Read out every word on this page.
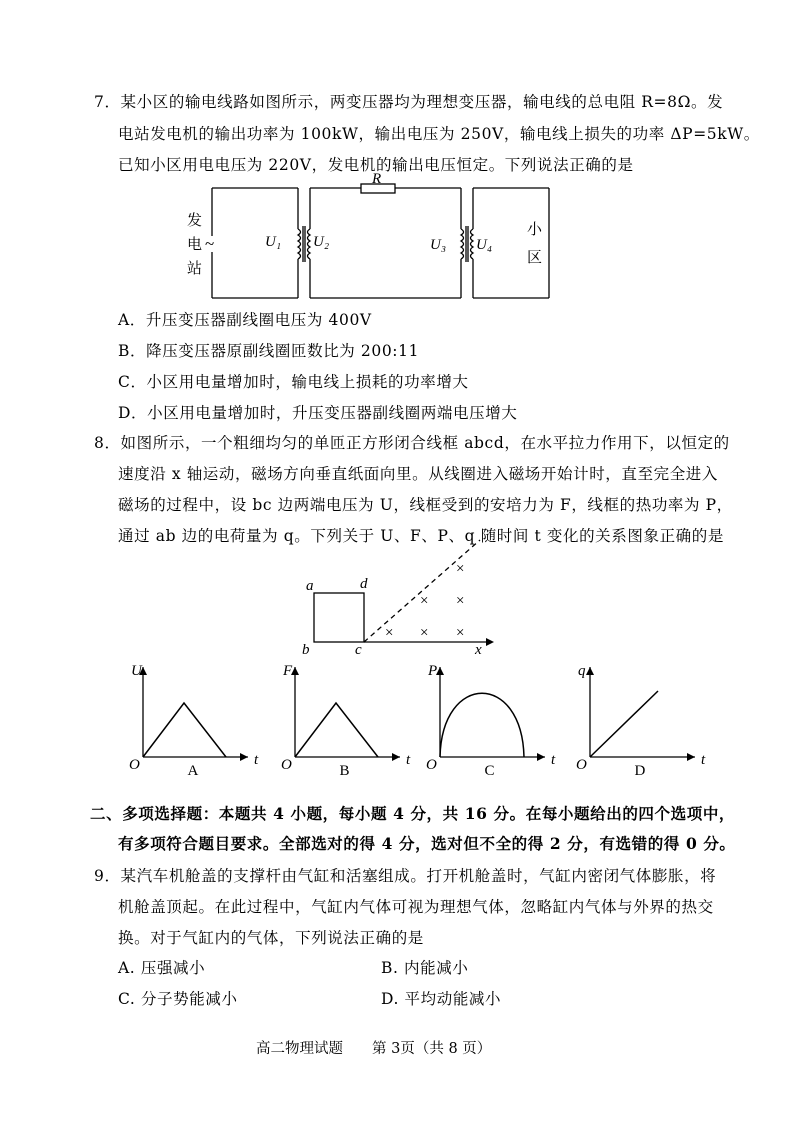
7．某小区的输电线路如图所示，两变压器均为理想变压器，输电线的总电阻 R=8Ω。发
电站发电机的输出功率为 100kW，输出电压为 250V，输电线上损失的功率 ΔP=5kW。
已知小区用电电压为 220V，发电机的输出电压恒定。下列说法正确的是
发
电
站
~
R
U₁ U₂	U₃ U₄
小
区
A．升压变压器副线圈电压为 400V
B．降压变压器原副线圈匝数比为 200:11
C．小区用电量增加时，输电线上损耗的功率增大
D．小区用电量增加时，升压变压器副线圈两端电压增大
8．如图所示，一个粗细均匀的单匝正方形闭合线框 abcd，在水平拉力作用下，以恒定的
速度沿 x 轴运动，磁场方向垂直纸面向里。从线圈进入磁场开始计时，直至完全进入
磁场的过程中，设 bc 边两端电压为 U，线框受到的安培力为 F，线框的热功率为 P，
通过 ab 边的电荷量为 q。下列关于 U、F、P、q 随时间 t 变化的关系图象正确的是
a	d
b	c	x
×
× ×
× × ×
U
O	t
A
F
O	t
B
P
O	t
C
q
O	t
D
二、多项选择题：本题共 4 小题，每小题 4 分，共 16 分。在每小题给出的四个选项中，
有多项符合题目要求。全部选对的得 4 分，选对但不全的得 2 分，有选错的得 0 分。
9．某汽车机舱盖的支撑杆由气缸和活塞组成。打开机舱盖时，气缸内密闭气体膨胀，将
机舱盖顶起。在此过程中，气缸内气体可视为理想气体，忽略缸内气体与外界的热交
换。对于气缸内的气体，下列说法正确的是
A. 压强减小	B. 内能减小
C. 分子势能减小	D. 平均动能减小
高二物理试题　　第 3页（共 8 页）
